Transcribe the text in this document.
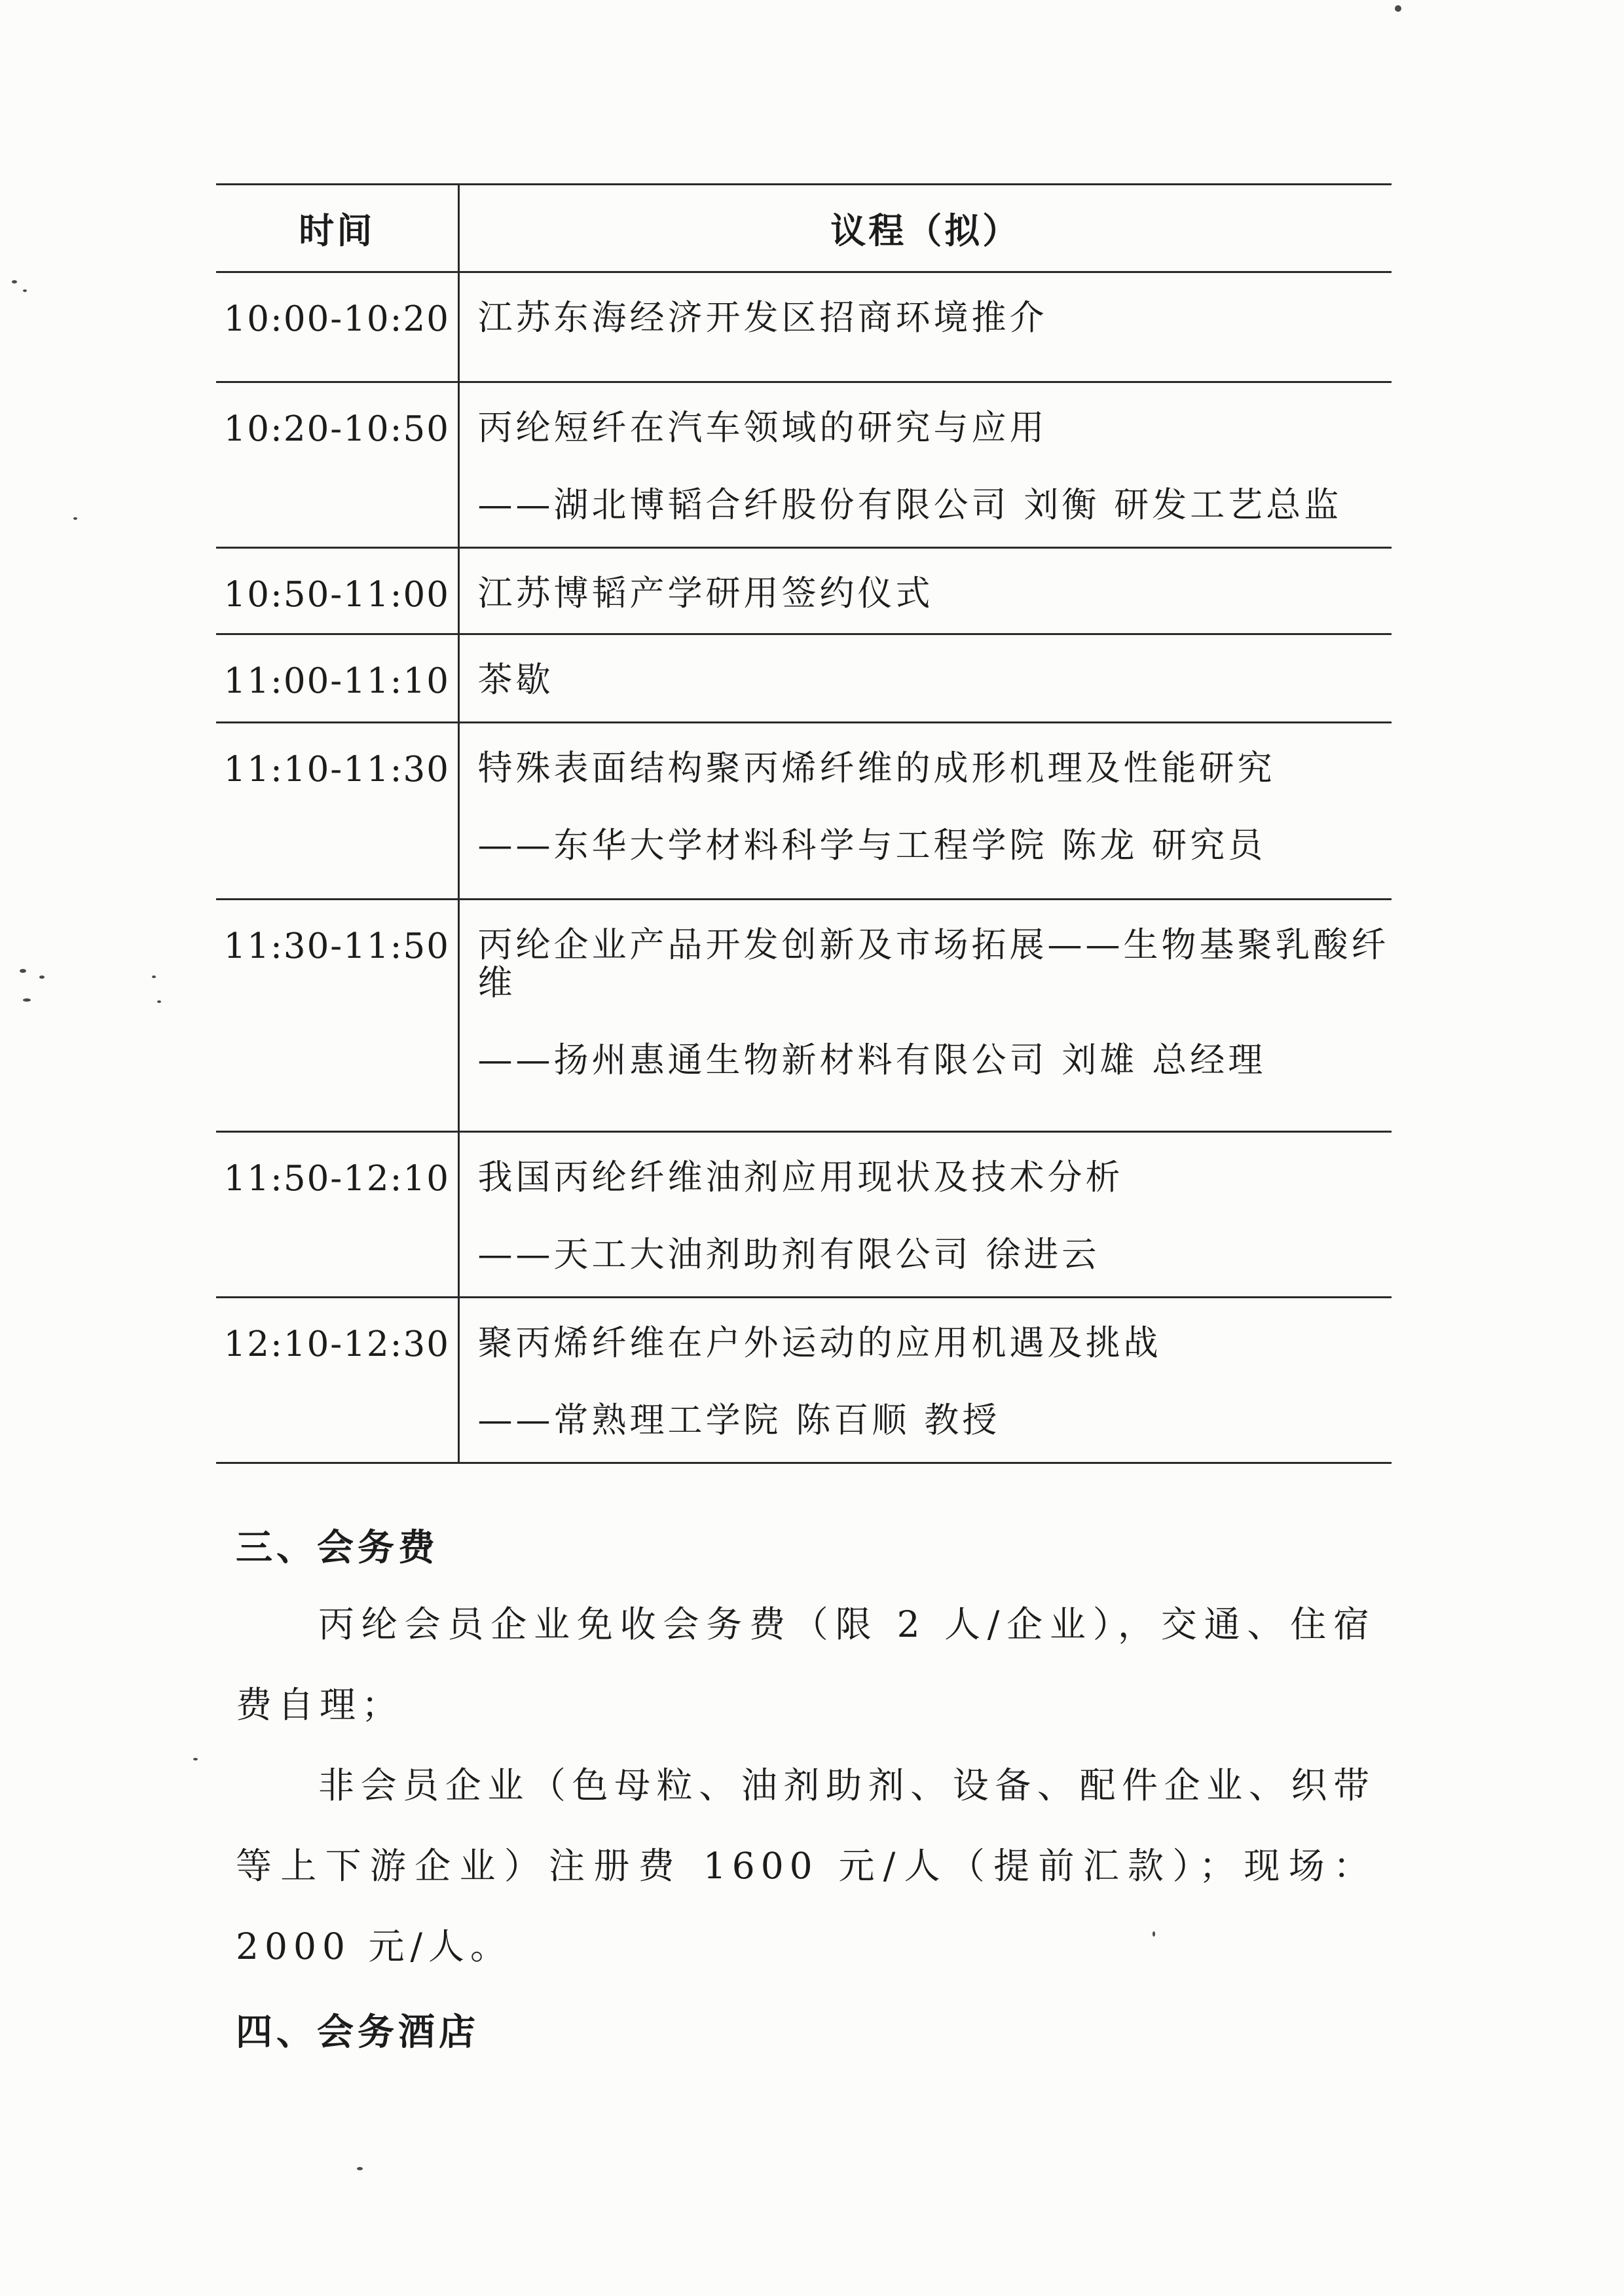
时间	议程（拟）
10:00-10:20	江苏东海经济开发区招商环境推介

10:20-10:50	丙纶短纤在汽车领域的研究与应用
——湖北博韬合纤股份有限公司 刘衡 研发工艺总监

10:50-11:00	江苏博韬产学研用签约仪式

11:00-11:10	茶歇

11:10-11:30	特殊表面结构聚丙烯纤维的成形机理及性能研究
——东华大学材料科学与工程学院 陈龙 研究员

11:30-11:50	丙纶企业产品开发创新及市场拓展——生物基聚乳酸纤维
——扬州惠通生物新材料有限公司 刘雄 总经理

11:50-12:10	我国丙纶纤维油剂应用现状及技术分析
——天工大油剂助剂有限公司 徐进云

12:10-12:30	聚丙烯纤维在户外运动的应用机遇及挑战
——常熟理工学院 陈百顺 教授
三、会务费
丙纶会员企业免收会务费（限 2 人/企业），交通、住宿费自理；
非会员企业（色母粒、油剂助剂、设备、配件企业、织带等上下游企业）注册费 1600 元/人（提前汇款）；现场：2000 元/人。
四、会务酒店
